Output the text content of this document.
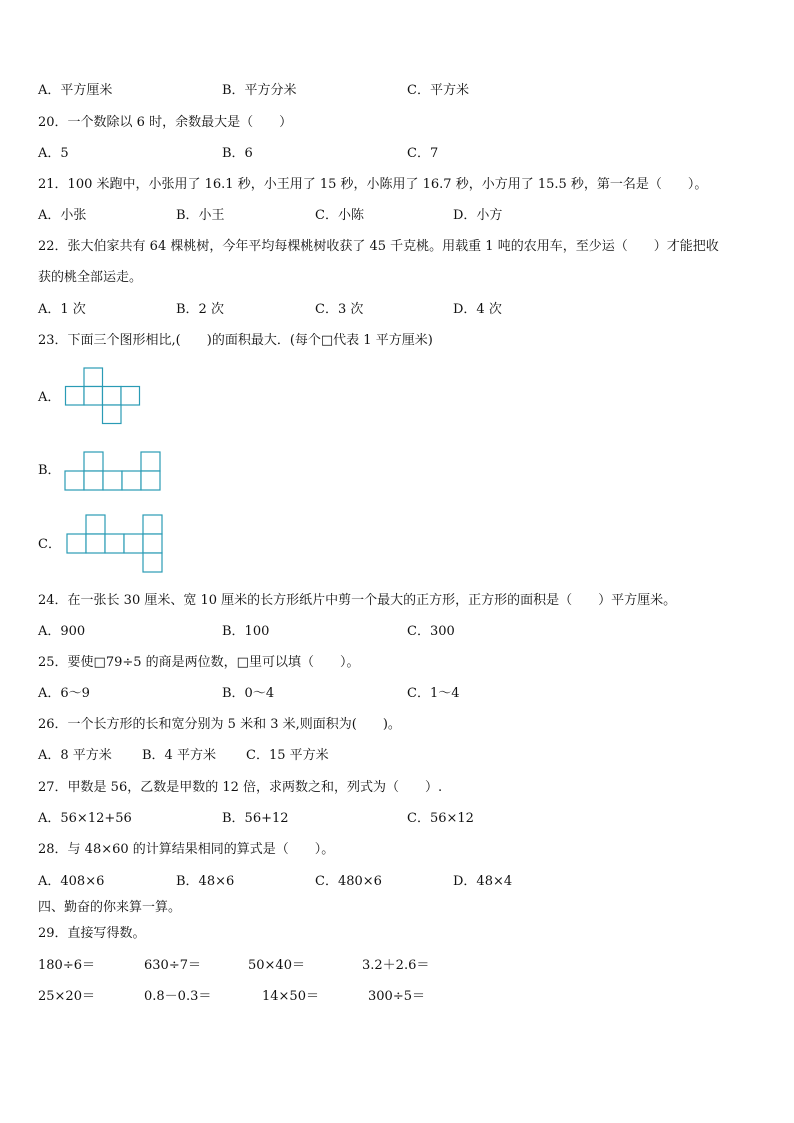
A．平方厘米	B．平方分米	C．平方米
20．一个数除以 6 时，余数最大是（　　）
A．5	B．6	C．7
21．100 米跑中，小张用了 16.1 秒，小王用了 15 秒，小陈用了 16.7 秒，小方用了 15.5 秒，第一名是（　　）。
A．小张	B．小王	C．小陈	D．小方
22．张大伯家共有 64 棵桃树，今年平均每棵桃树收获了 45 千克桃。用载重 1 吨的农用车，至少运（　　）才能把收
获的桃全部运走。
A．1 次	B．2 次	C．3 次	D．4 次
23．下面三个图形相比,(　　)的面积最大．(每个□代表 1 平方厘米)
A．
B．
C．
24．在一张长 30 厘米、宽 10 厘米的长方形纸片中剪一个最大的正方形，正方形的面积是（　　）平方厘米。
A．900	B．100	C．300
25．要使□79÷5 的商是两位数，□里可以填（　　）。
A．6～9	B．0～4	C．1～4
26．一个长方形的长和宽分别为 5 米和 3 米,则面积为(　　)。
A．8 平方米 B．4 平方米 C．15 平方米
27．甲数是 56，乙数是甲数的 12 倍，求两数之和，列式为（　　）.
A．56×12+56	B．56+12	C．56×12
28．与 48×60 的计算结果相同的算式是（　　）。
A．408×6	B．48×6	C．480×6	D．48×4
四、勤奋的你来算一算。
29．直接写得数。
180÷6＝	630÷7＝	50×40＝	3.2＋2.6＝
25×20＝	0.8－0.3＝	14×50＝	300÷5＝
